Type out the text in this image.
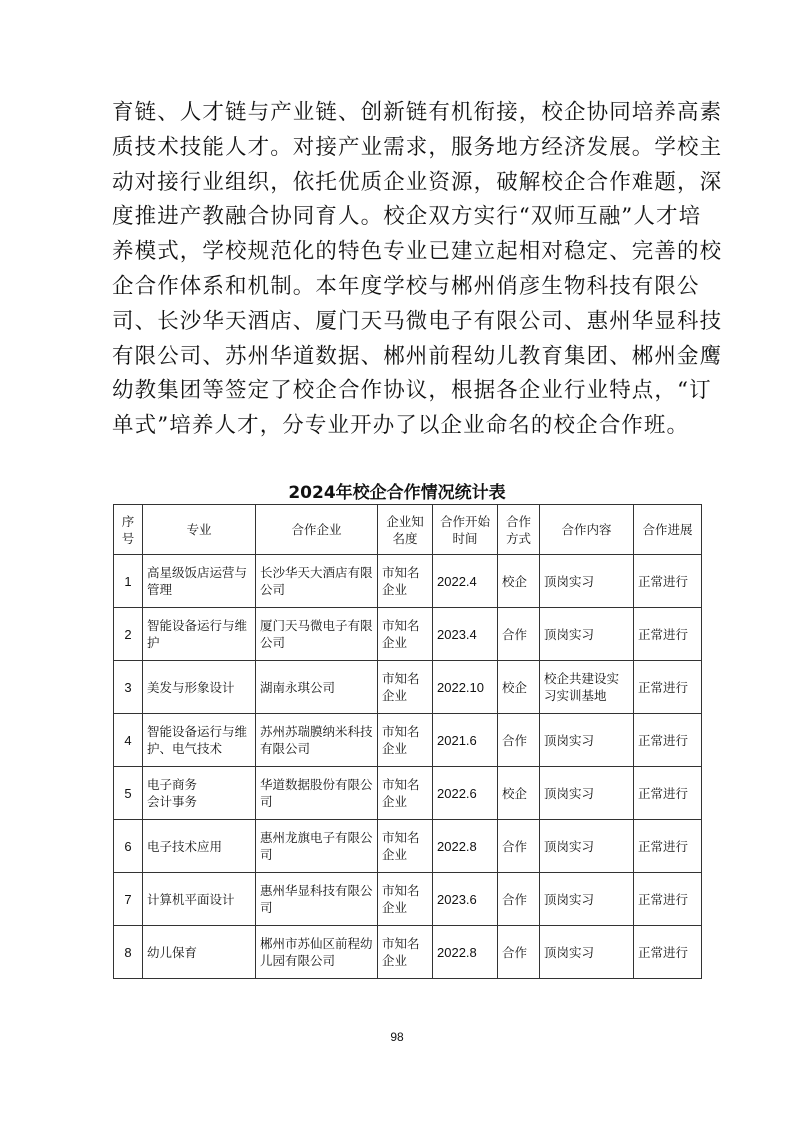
育链、人才链与产业链、创新链有机衔接，校企协同培养高素
质技术技能人才。对接产业需求，服务地方经济发展。学校主
动对接行业组织，依托优质企业资源，破解校企合作难题，深
度推进产教融合协同育人。校企双方实行“双师互融”人才培
养模式，学校规范化的特色专业已建立起相对稳定、完善的校
企合作体系和机制。本年度学校与郴州俏彦生物科技有限公
司、长沙华天酒店、厦门天马微电子有限公司、惠州华显科技
有限公司、苏州华道数据、郴州前程幼儿教育集团、郴州金鹰
幼教集团等签定了校企合作协议，根据各企业行业特点，“订
单式”培养人才，分专业开办了以企业命名的校企合作班。
2024年校企合作情况统计表
序号	专业	合作企业	企业知名度	合作开始时间	合作方式	合作内容	合作进展
1	高星级饭店运营与管理	长沙华天大酒店有限公司	市知名企业	2022.4	校企	顶岗实习	正常进行
2	智能设备运行与维护	厦门天马微电子有限公司	市知名企业	2023.4	合作	顶岗实习	正常进行
3	美发与形象设计	湖南永琪公司	市知名企业	2022.10	校企	校企共建设实习实训基地	正常进行
4	智能设备运行与维护、电气技术	苏州苏瑞膜纳米科技有限公司	市知名企业	2021.6	合作	顶岗实习	正常进行
5	电子商务
会计事务	华道数据股份有限公司	市知名企业	2022.6	校企	顶岗实习	正常进行
6	电子技术应用	惠州龙旗电子有限公司	市知名企业	2022.8	合作	顶岗实习	正常进行
7	计算机平面设计	惠州华显科技有限公司	市知名企业	2023.6	合作	顶岗实习	正常进行
8	幼儿保育	郴州市苏仙区前程幼儿园有限公司	市知名企业	2022.8	合作	顶岗实习	正常进行
98
